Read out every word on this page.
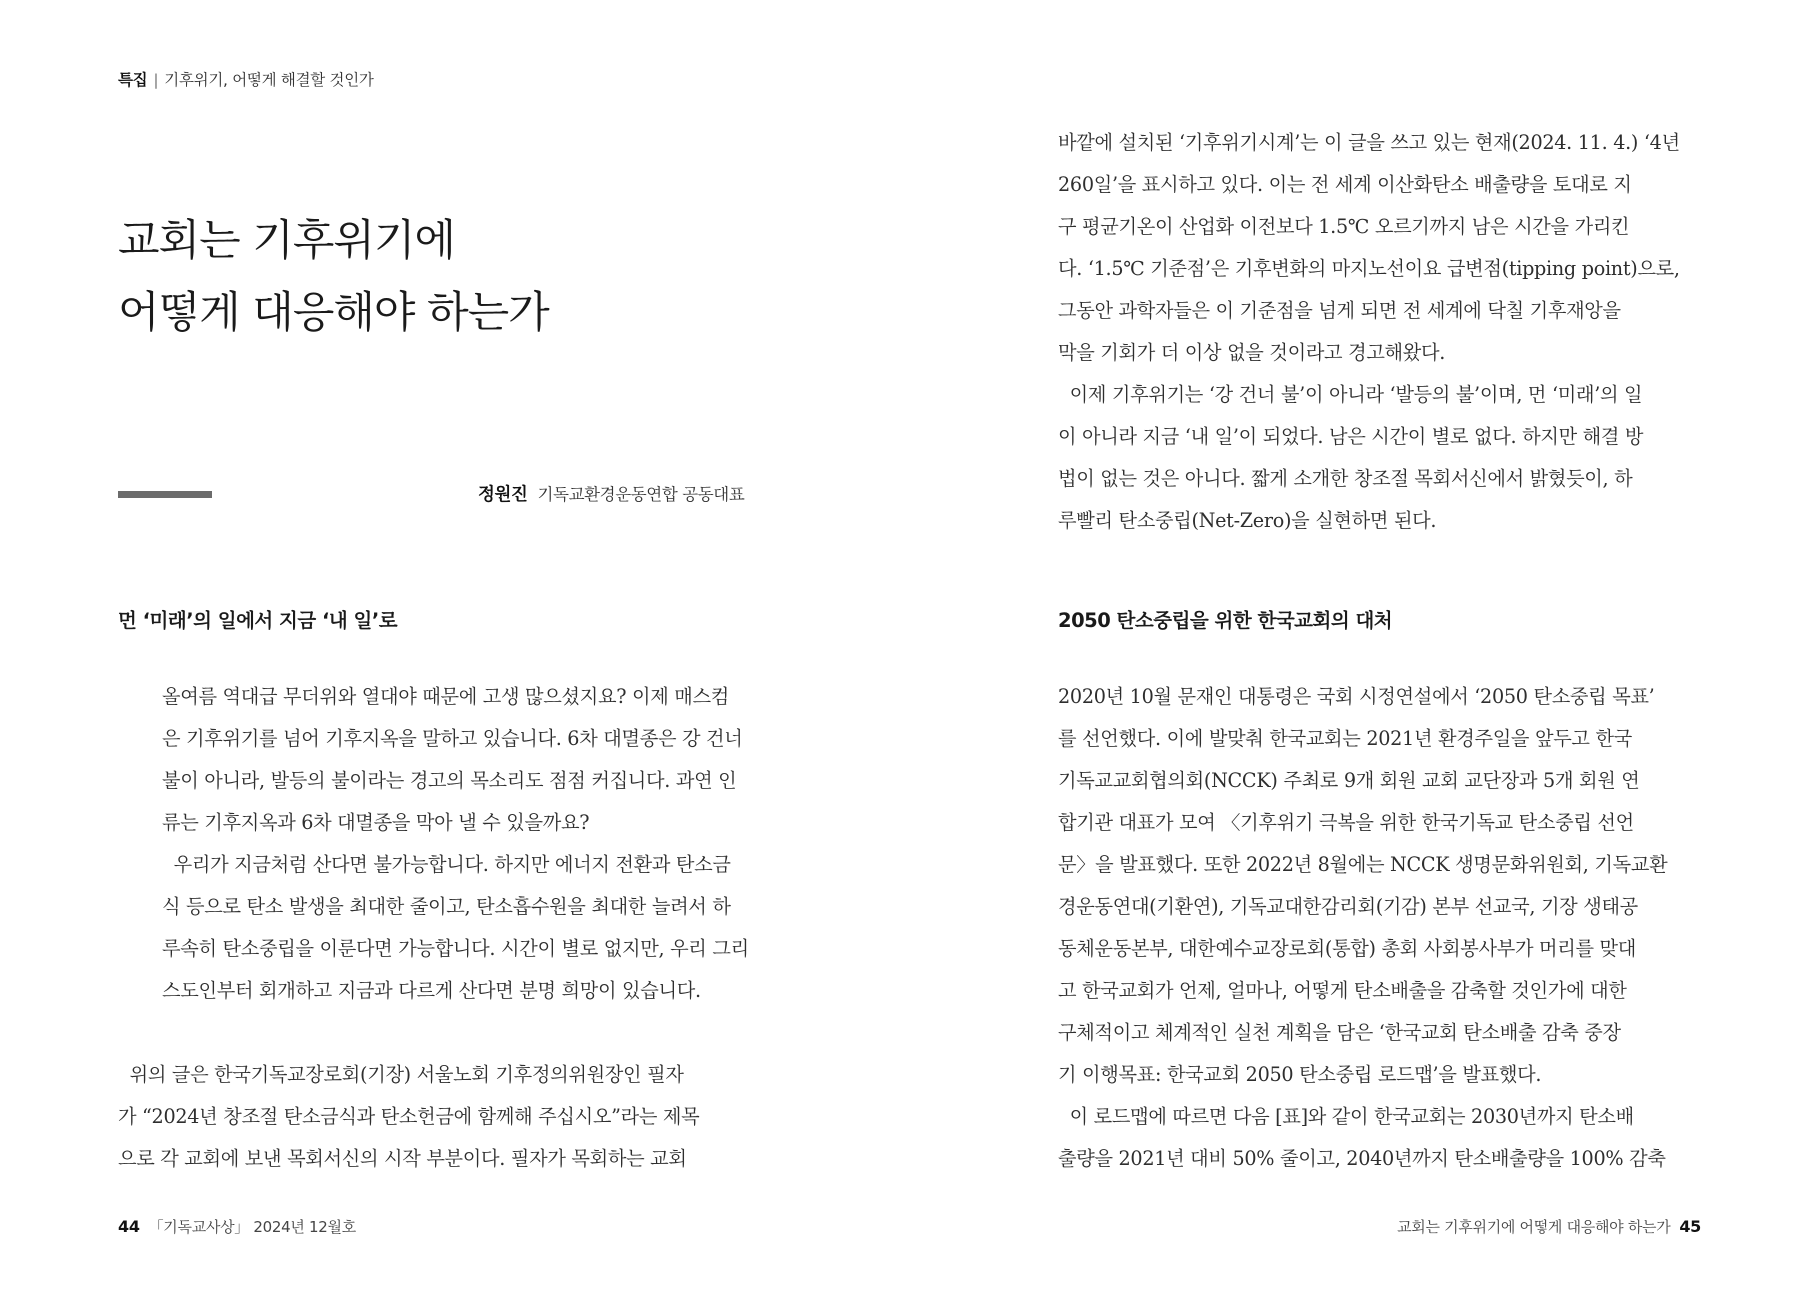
특집 | 기후위기, 어떻게 해결할 것인가
교회는 기후위기에
어떻게 대응해야 하는가
정원진 기독교환경운동연합 공동대표
먼 ‘미래’의 일에서 지금 ‘내 일’로
올여름 역대급 무더위와 열대야 때문에 고생 많으셨지요? 이제 매스컴
은 기후위기를 넘어 기후지옥을 말하고 있습니다. 6차 대멸종은 강 건너
불이 아니라, 발등의 불이라는 경고의 목소리도 점점 커집니다. 과연 인
류는 기후지옥과 6차 대멸종을 막아 낼 수 있을까요?
우리가 지금처럼 산다면 불가능합니다. 하지만 에너지 전환과 탄소금
식 등으로 탄소 발생을 최대한 줄이고, 탄소흡수원을 최대한 늘려서 하
루속히 탄소중립을 이룬다면 가능합니다. 시간이 별로 없지만, 우리 그리
스도인부터 회개하고 지금과 다르게 산다면 분명 희망이 있습니다.
위의 글은 한국기독교장로회(기장) 서울노회 기후정의위원장인 필자
가 “2024년 창조절 탄소금식과 탄소헌금에 함께해 주십시오”라는 제목
으로 각 교회에 보낸 목회서신의 시작 부분이다. 필자가 목회하는 교회
44 「기독교사상」 2024년 12월호
바깥에 설치된 ‘기후위기시계’는 이 글을 쓰고 있는 현재(2024. 11. 4.) ‘4년
260일’을 표시하고 있다. 이는 전 세계 이산화탄소 배출량을 토대로 지
구 평균기온이 산업화 이전보다 1.5℃ 오르기까지 남은 시간을 가리킨
다. ‘1.5℃ 기준점’은 기후변화의 마지노선이요 급변점(tipping point)으로,
그동안 과학자들은 이 기준점을 넘게 되면 전 세계에 닥칠 기후재앙을
막을 기회가 더 이상 없을 것이라고 경고해왔다.
이제 기후위기는 ‘강 건너 불’이 아니라 ‘발등의 불’이며, 먼 ‘미래’의 일
이 아니라 지금 ‘내 일’이 되었다. 남은 시간이 별로 없다. 하지만 해결 방
법이 없는 것은 아니다. 짧게 소개한 창조절 목회서신에서 밝혔듯이, 하
루빨리 탄소중립(Net-Zero)을 실현하면 된다.
2050 탄소중립을 위한 한국교회의 대처
2020년 10월 문재인 대통령은 국회 시정연설에서 ‘2050 탄소중립 목표’
를 선언했다. 이에 발맞춰 한국교회는 2021년 환경주일을 앞두고 한국
기독교교회협의회(NCCK) 주최로 9개 회원 교회 교단장과 5개 회원 연
합기관 대표가 모여 〈기후위기 극복을 위한 한국기독교 탄소중립 선언
문〉을 발표했다. 또한 2022년 8월에는 NCCK 생명문화위원회, 기독교환
경운동연대(기환연), 기독교대한감리회(기감) 본부 선교국, 기장 생태공
동체운동본부, 대한예수교장로회(통합) 총회 사회봉사부가 머리를 맞대
고 한국교회가 언제, 얼마나, 어떻게 탄소배출을 감축할 것인가에 대한
구체적이고 체계적인 실천 계획을 담은 ‘한국교회 탄소배출 감축 중장
기 이행목표: 한국교회 2050 탄소중립 로드맵’을 발표했다.
이 로드맵에 따르면 다음 [표]와 같이 한국교회는 2030년까지 탄소배
출량을 2021년 대비 50% 줄이고, 2040년까지 탄소배출량을 100% 감축
교회는 기후위기에 어떻게 대응해야 하는가 45
